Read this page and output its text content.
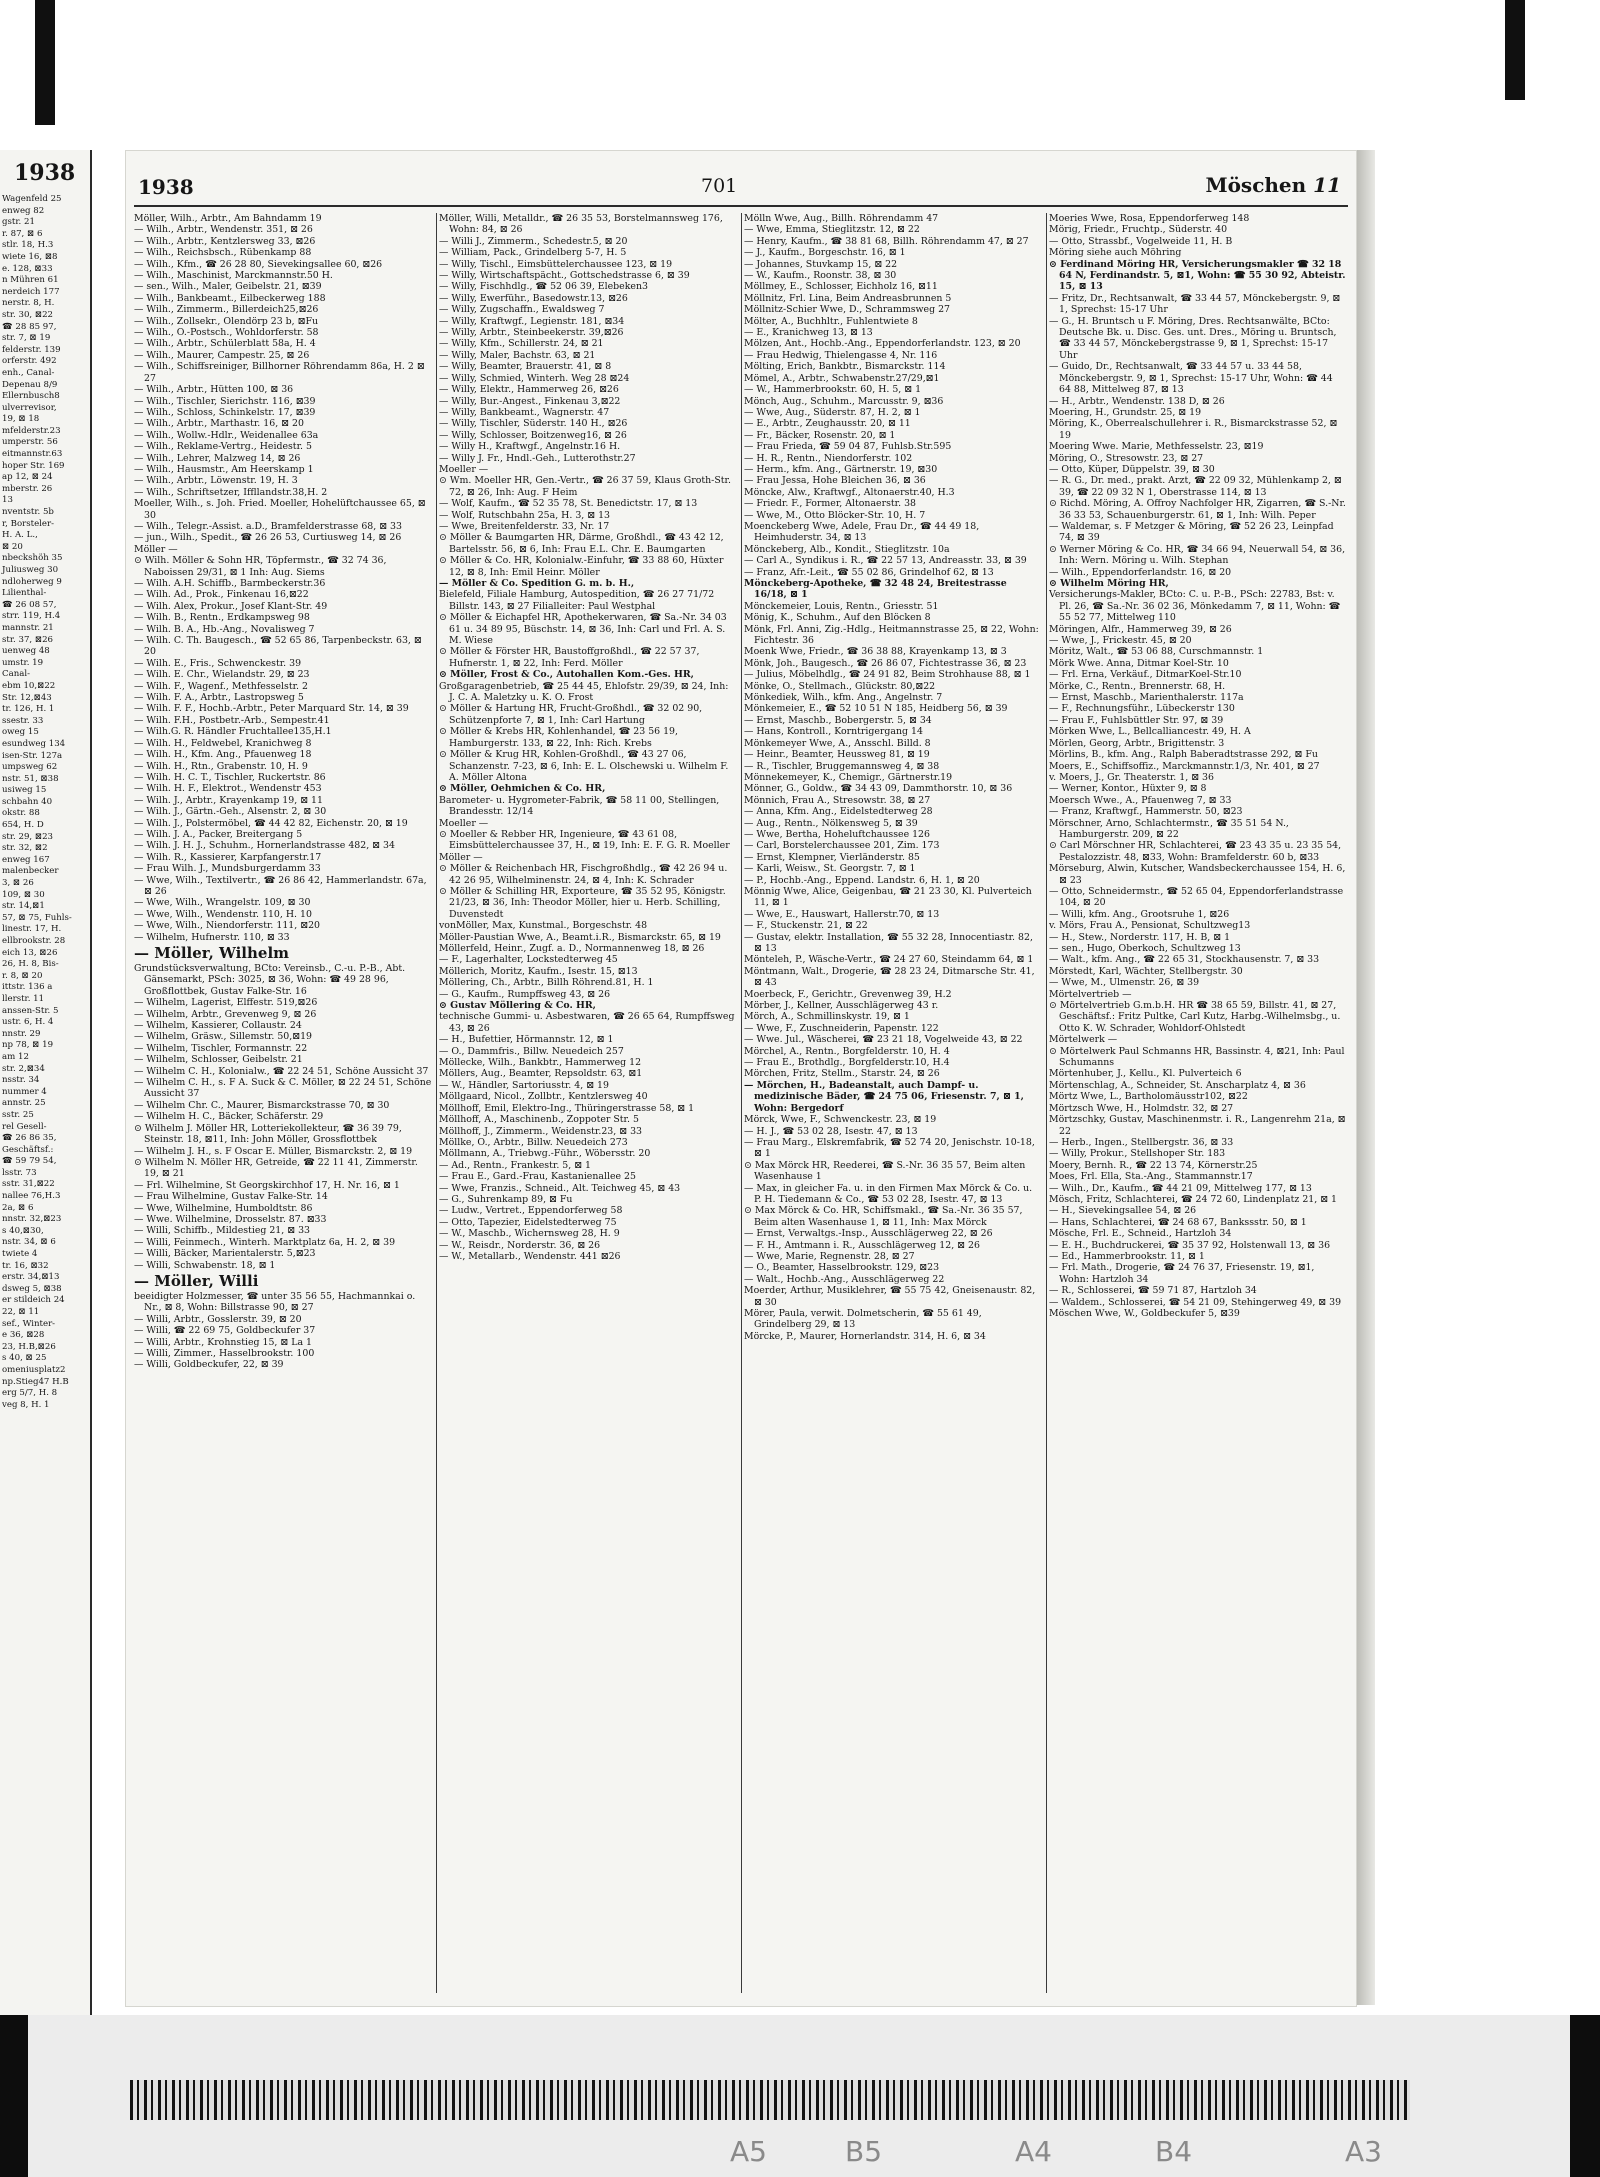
1938
Wagenfeld 25
enweg 82
gstr. 21
r. 87, ⊠ 6
stlr. 18, H.3
wiete 16, ⊠8
e. 128, ⊠33
n Mühren 61
nerdeich 177
nerstr. 8, H.
str. 30, ⊠22
☎ 28 85 97,
str. 7, ⊠ 19
felderstr. 139
orferstr. 492
enh., Canal-
Depenau 8/9
Ellernbusch8
ulverrevisor,
19, ⊠ 18
mfelderstr.23
umperstr. 56
eitmannstr.63
hoper Str. 169
ap 12, ⊠ 24
mberstr. 26
13
nventstr. 5b
r, Borsteler-
H. A. L.,
⊠ 20
nbeckshöh 35
Juliusweg 30
ndloherweg 9
Lilienthal-
☎ 26 08 57,
strr. 119, H.4
mannstr. 21
str. 37, ⊠26
uenweg 48
umstr. 19
Canal-
ebm 10,⊠22
Str. 12,⊠43
tr. 126, H. 1
ssestr. 33
oweg 15
esundweg 134
isen-Str. 127a
umpsweg 62
nstr. 51, ⊠38
usiweg 15
schbahn 40
okstr. 88
654, H. D
str. 29, ⊠23
str. 32, ⊠2
enweg 167
malenbecker
3, ⊠ 26
109, ⊠ 30
str. 14,⊠1
57, ⊠ 75, Fuhls-
linestr. 17, H.
ellbrookstr. 28
eich 13, ⊠26
26, H. 8, Bis-
r. 8, ⊠ 20
ittstr. 136 a
llerstr. 11
anssen-Str. 5
ustr. 6, H. 4
nnstr. 29
np 78, ⊠ 19
am 12
str. 2,⊠34
nsstr. 34
nummer 4
annstr. 25
sstr. 25
rel Gesell-
☎ 26 86 35,
Geschäftsf.:
☎ 59 79 54,
lsstr. 73
sstr. 31,⊠22
nallee 76,H.3
2a, ⊠ 6
nnstr. 32,⊠23
s 40,⊠30,
nstr. 34, ⊠ 6
twiete 4
tr. 16, ⊠32
erstr. 34,⊠13
dsweg 5, ⊠38
er stildeich 24
22, ⊠ 11
sef., Winter-
e 36, ⊠28
23, H.B,⊠26
s 40, ⊠ 25
omeniusplatz2
np.Stieg47 H.B
erg 5/7, H. 8
veg 8, H. 1
1938	701	Möschen 11
Möller, Wilh., Arbtr., Am Bahndamm 19
— Wilh., Arbtr., Wendenstr. 351, ⊠ 26
— Wilh., Arbtr., Kentzlersweg 33, ⊠26
— Wilh., Reichsbsch., Rübenkamp 88
— Wilh., Kfm., ☎ 26 28 80, Sievekingsallee 60, ⊠26
— Wilh., Maschinist, Marckmannstr.50 H.
— sen., Wilh., Maler, Geibelstr. 21, ⊠39
— Wilh., Bankbeamt., Eilbeckerweg 188
— Wilh., Zimmerm., Billerdeich25,⊠26
— Wilh., Zollsekr., Olendörp 23 b, ⊠Fu
— Wilh., O.-Postsch., Wohldorferstr. 58
— Wilh., Arbtr., Schülerblatt 58a, H. 4
— Wilh., Maurer, Campestr. 25, ⊠ 26
— Wilh., Schiffsreiniger, Billhorner Röhrendamm 86a, H. 2 ⊠ 27
— Wilh., Arbtr., Hütten 100, ⊠ 36
— Wilh., Tischler, Sierichstr. 116, ⊠39
— Wilh., Schloss, Schinkelstr. 17, ⊠39
— Wilh., Arbtr., Marthastr. 16, ⊠ 20
— Wilh., Wollw.-Hdlr., Weidenallee 63a
— Wilh., Reklame-Vertrg., Heidestr. 5
— Wilh., Lehrer, Malzweg 14, ⊠ 26
— Wilh., Hausmstr., Am Heerskamp 1
— Wilh., Arbtr., Löwenstr. 19, H. 3
— Wilh., Schriftsetzer, Iffllandstr.38,H. 2
Moeller, Wilh., s. Joh. Fried. Moeller, Hohelüftchaussee 65, ⊠ 30
— Wilh., Telegr.-Assist. a.D., Bramfelderstrasse 68, ⊠ 33
— jun., Wilh., Spedit., ☎ 26 26 53, Curtiusweg 14, ⊠ 26
Möller —
⊙ Wilh. Möller & Sohn HR, Töpfermstr., ☎ 32 74 36, Naboissen 29/31, ⊠ 1 Inh: Aug. Siems
— Wilh. A.H. Schiffb., Barmbeckerstr.36
— Wilh. Ad., Prok., Finkenau 16,⊠22
— Wilh. Alex, Prokur., Josef Klant-Str. 49
— Wilh. B., Rentn., Erdkampsweg 98
— Wilh. B. A., Hb.-Ang., Novalisweg 7
— Wilh. C. Th. Baugesch., ☎ 52 65 86, Tarpenbeckstr. 63, ⊠ 20
— Wilh. E., Fris., Schwenckestr. 39
— Wilh. E. Chr., Wielandstr. 29, ⊠ 23
— Wilh. F., Wagenf., Methfesselstr. 2
— Wilh. F. A., Arbtr., Lastropsweg 5
— Wilh. F. F., Hochb.-Arbtr., Peter Marquard Str. 14, ⊠ 39
— Wilh. F.H., Postbetr.-Arb., Sempestr.41
— Wilh.G. R. Händler Fruchtallee135,H.1
— Wilh. H., Feldwebel, Kranichweg 8
— Wilh. H., Kfm. Ang., Pfauenweg 18
— Wilh. H., Rtn., Grabenstr. 10, H. 9
— Wilh. H. C. T., Tischler, Ruckertstr. 86
— Wilh. H. F., Elektrot., Wendenstr 453
— Wilh. J., Arbtr., Krayenkamp 19, ⊠ 11
— Wilh. J., Gärtn.-Geh., Alsenstr. 2, ⊠ 30
— Wilh. J., Polstermöbel, ☎ 44 42 82, Eichenstr. 20, ⊠ 19
— Wilh. J. A., Packer, Breitergang 5
— Wilh. J. H. J., Schuhm., Hornerlandstrasse 482, ⊠ 34
— Wilh. R., Kassierer, Karpfangerstr.17
— Frau Wilh. J., Mundsburgerdamm 33
— Wwe, Wilh., Textilvertr., ☎ 26 86 42, Hammerlandstr. 67a, ⊠ 26
— Wwe, Wilh., Wrangelstr. 109, ⊠ 30
— Wwe, Wilh., Wendenstr. 110, H. 10
— Wwe, Wilh., Niendorferstr. 111, ⊠20
— Wilhelm, Hufnerstr. 110, ⊠ 33
— Möller, Wilhelm
Grundstücksverwaltung, BCto: Vereinsb., C.-u. P.-B., Abt. Gänsemarkt, PSch: 3025, ⊠ 36, Wohn: ☎ 49 28 96, Großflottbek, Gustav Falke-Str. 16
— Wilhelm, Lagerist, Elffestr. 519,⊠26
— Wilhelm, Arbtr., Grevenweg 9, ⊠ 26
— Wilhelm, Kassierer, Collaustr. 24
— Wilhelm, Gräsw., Sillemstr. 50,⊠19
— Wilhelm, Tischler, Formannstr. 22
— Wilhelm, Schlosser, Geibelstr. 21
— Wilhelm C. H., Kolonialw., ☎ 22 24 51, Schöne Aussicht 37
— Wilhelm C. H., s. F A. Suck & C. Möller, ⊠ 22 24 51, Schöne Aussicht 37
— Wilhelm Chr. C., Maurer, Bismarckstrasse 70, ⊠ 30
— Wilhelm H. C., Bäcker, Schäferstr. 29
⊙ Wilhelm J. Möller HR, Lotteriekollekteur, ☎ 36 39 79, Steinstr. 18, ⊠11, Inh: John Möller, Grossflottbek
— Wilhelm J. H., s. F Oscar E. Müller, Bismarckstr. 2, ⊠ 19
⊙ Wilhelm N. Möller HR, Getreide, ☎ 22 11 41, Zimmerstr. 19, ⊠ 21
— Frl. Wilhelmine, St Georgskirchhof 17, H. Nr. 16, ⊠ 1
— Frau Wilhelmine, Gustav Falke-Str. 14
— Wwe, Wilhelmine, Humboldtstr. 86
— Wwe. Wilhelmine, Drosselstr. 87. ⊠33
— Willi, Schiffb., Mildestieg 21, ⊠ 33
— Willi, Feinmech., Winterh. Marktplatz 6a, H. 2, ⊠ 39
— Willi, Bäcker, Marientalerstr. 5,⊠23
— Willi, Schwabenstr. 18, ⊠ 1
— Möller, Willi
beeidigter Holzmesser, ☎ unter 35 56 55, Hachmannkai o. Nr., ⊠ 8, Wohn: Billstrasse 90, ⊠ 27
— Willi, Arbtr., Gosslerstr. 39, ⊠ 20
— Willi, ☎ 22 69 75, Goldbeckufer 37
— Willi, Arbtr., Krohnstieg 15, ⊠ La 1
— Willi, Zimmer., Hasselbrookstr. 100
— Willi, Goldbeckufer, 22, ⊠ 39
Möller, Willi, Metalldr., ☎ 26 35 53, Borstelmannsweg 176, Wohn: 84, ⊠ 26
— Willi J., Zimmerm., Schedestr.5, ⊠ 20
— William, Pack., Grindelberg 5-7, H. 5
— Willy, Tischl., Eimsbüttelerchaussee 123, ⊠ 19
— Willy, Wirtschaftspächt., Gottschedstrasse 6, ⊠ 39
— Willy, Fischhdlg., ☎ 52 06 39, Elebeken3
— Willy, Ewerführ., Basedowstr.13, ⊠26
— Willy, Zugschaffn., Ewaldsweg 7
— Willy, Kraftwgf., Legienstr. 181, ⊠34
— Willy, Arbtr., Steinbeekerstr. 39,⊠26
— Willy, Kfm., Schillerstr. 24, ⊠ 21
— Willy, Maler, Bachstr. 63, ⊠ 21
— Willy, Beamter, Brauerstr. 41, ⊠ 8
— Willy, Schmied, Winterh. Weg 28 ⊠24
— Willy, Elektr., Hammerweg 26, ⊠26
— Willy, Bur.-Angest., Finkenau 3,⊠22
— Willy, Bankbeamt., Wagnerstr. 47
— Willy, Tischler, Süderstr. 140 H., ⊠26
— Willy, Schlosser, Boitzenweg16, ⊠ 26
— Willy H., Kraftwgf., Angelnstr.16 H.
— Willy J. Fr., Hndl.-Geh., Lutterothstr.27
Moeller —
⊙ Wm. Moeller HR, Gen.-Vertr., ☎ 26 37 59, Klaus Groth-Str. 72, ⊠ 26, Inh: Aug. F Heim
— Wolf, Kaufm., ☎ 52 35 78, St. Benedictstr. 17, ⊠ 13
— Wolf, Rutschbahn 25a, H. 3, ⊠ 13
— Wwe, Breitenfelderstr. 33, Nr. 17
⊙ Möller & Baumgarten HR, Därme, Großhdl., ☎ 43 42 12, Bartelsstr. 56, ⊠ 6, Inh: Frau E.L. Chr. E. Baumgarten
⊙ Möller & Co. HR, Kolonialw.-Einfuhr, ☎ 33 88 60, Hüxter 12, ⊠ 8, Inh: Emil Heinr. Möller
— Möller & Co. Spedition G. m. b. H.,
Bielefeld, Filiale Hamburg, Autospedition, ☎ 26 27 71/72 Billstr. 143, ⊠ 27 Filialleiter: Paul Westphal
⊙ Möller & Eichapfel HR, Apothekerwaren, ☎ Sa.-Nr. 34 03 61 u. 34 89 95, Büschstr. 14, ⊠ 36, Inh: Carl und Frl. A. S. M. Wiese
⊙ Möller & Förster HR, Baustoffgroßhdl., ☎ 22 57 37, Hufnerstr. 1, ⊠ 22, Inh: Ferd. Möller
⊙ Möller, Frost & Co., Autohallen Kom.-Ges. HR,
Großgaragenbetrieb, ☎ 25 44 45, Ehlofstr. 29/39, ⊠ 24, Inh: J. C. A. Maletzky u. K. O. Frost
⊙ Möller & Hartung HR, Frucht-Großhdl., ☎ 32 02 90, Schützenpforte 7, ⊠ 1, Inh: Carl Hartung
⊙ Möller & Krebs HR, Kohlenhandel, ☎ 23 56 19, Hamburgerstr. 133, ⊠ 22, Inh: Rich. Krebs
⊙ Möller & Krug HR, Kohlen-Großhdl., ☎ 43 27 06, Schanzenstr. 7-23, ⊠ 6, Inh: E. L. Olschewski u. Wilhelm F. A. Möller Altona
⊙ Möller, Oehmichen & Co. HR,
Barometer- u. Hygrometer-Fabrik, ☎ 58 11 00, Stellingen, Brandesstr. 12/14
Moeller —
⊙ Moeller & Rebber HR, Ingenieure, ☎ 43 61 08, Eimsbüttelerchaussee 37, H., ⊠ 19, Inh: E. F. G. R. Moeller
Möller —
⊙ Möller & Reichenbach HR, Fischgroßhdlg., ☎ 42 26 94 u. 42 26 95, Wilhelminenstr. 24, ⊠ 4, Inh: K. Schrader
⊙ Möller & Schilling HR, Exporteure, ☎ 35 52 95, Königstr. 21/23, ⊠ 36, Inh: Theodor Möller, hier u. Herb. Schilling, Duvenstedt
vonMöller, Max, Kunstmal., Borgeschstr. 48
Möller-Paustian Wwe, A., Beamt.i.R., Bismarckstr. 65, ⊠ 19
Möllerfeld, Heinr., Zugf. a. D., Normannenweg 18, ⊠ 26
— F., Lagerhalter, Lockstedterweg 45
Möllerich, Moritz, Kaufm., Isestr. 15, ⊠13
Möllering, Ch., Arbtr., Billh Röhrend.81, H. 1
— G., Kaufm., Rumpffsweg 43, ⊠ 26
⊙ Gustav Möllering & Co. HR,
technische Gummi- u. Asbestwaren, ☎ 26 65 64, Rumpffsweg 43, ⊠ 26
— H., Bufettier, Hörmannstr. 12, ⊠ 1
— O., Dammfris., Billw. Neuedeich 257
Möllecke, Wilh., Bankbtr., Hammerweg 12
Möllers, Aug., Beamter, Repsoldstr. 63, ⊠1
— W., Händler, Sartoriusstr. 4, ⊠ 19
Möllgaard, Nicol., Zollbtr., Kentzlersweg 40
Möllhoff, Emil, Elektro-Ing., Thüringerstrasse 58, ⊠ 1
Möllhoff, A., Maschinenb., Zoppoter Str. 5
Möllhoff, J., Zimmerm., Weidenstr.23, ⊠ 33
Möllke, O., Arbtr., Billw. Neuedeich 273
Möllmann, A., Triebwg.-Führ., Wöbersstr. 20
— Ad., Rentn., Frankestr. 5, ⊠ 1
— Frau E., Gard.-Frau, Kastanienallee 25
— Wwe, Franzis., Schneid., Alt. Teichweg 45, ⊠ 43
— G., Suhrenkamp 89, ⊠ Fu
— Ludw., Vertret., Eppendorferweg 58
— Otto, Tapezier, Eidelstedterweg 75
— W., Maschb., Wichernsweg 28, H. 9
— W., Reisdr., Norderstr. 36, ⊠ 26
— W., Metallarb., Wendenstr. 441 ⊠26
Mölln Wwe, Aug., Billh. Röhrendamm 47
— Wwe, Emma, Stieglitzstr. 12, ⊠ 22
— Henry, Kaufm., ☎ 38 81 68, Billh. Röhrendamm 47, ⊠ 27
— J., Kaufm., Borgeschstr. 16, ⊠ 1
— Johannes, Stuvkamp 15, ⊠ 22
— W., Kaufm., Roonstr. 38, ⊠ 30
Möllmey, E., Schlosser, Eichholz 16, ⊠11
Möllnitz, Frl. Lina, Beim Andreasbrunnen 5
Möllnitz-Schier Wwe, D., Schrammsweg 27
Mölter, A., Buchhltr., Fuhlentwiete 8
— E., Kranichweg 13, ⊠ 13
Mölzen, Ant., Hochb.-Ang., Eppendorferlandstr. 123, ⊠ 20
— Frau Hedwig, Thielengasse 4, Nr. 116
Mölting, Erich, Bankbtr., Bismarckstr. 114
Mömel, A., Arbtr., Schwabenstr.27/29,⊠1
— W., Hammerbrookstr. 60, H. 5, ⊠ 1
Mönch, Aug., Schuhm., Marcusstr. 9, ⊠36
— Wwe, Aug., Süderstr. 87, H. 2, ⊠ 1
— E., Arbtr., Zeughausstr. 20, ⊠ 11
— Fr., Bäcker, Rosenstr. 20, ⊠ 1
— Frau Frieda, ☎ 59 04 87, Fuhlsb.Str.595
— H. R., Rentn., Niendorferstr. 102
— Herm., kfm. Ang., Gärtnerstr. 19, ⊠30
— Frau Jessa, Hohe Bleichen 36, ⊠ 36
Möncke, Alw., Kraftwgf., Altonaerstr.40, H.3
— Friedr. F., Former, Altonaerstr. 38
— Wwe, M., Otto Blöcker-Str. 10, H. 7
Moenckeberg Wwe, Adele, Frau Dr., ☎ 44 49 18, Heimhuderstr. 34, ⊠ 13
Mönckeberg, Alb., Kondit., Stieglitzstr. 10a
— Carl A., Syndikus i. R., ☎ 22 57 13, Andreasstr. 33, ⊠ 39
— Franz, Afr.-Leit., ☎ 55 02 86, Grindelhof 62, ⊠ 13
Mönckeberg-Apotheke, ☎ 32 48 24, Breitestrasse 16/18, ⊠ 1
Mönckemeier, Louis, Rentn., Griesstr. 51
Mönig, K., Schuhm., Auf den Blöcken 8
Mönk, Frl. Anni, Zig.-Hdlg., Heitmannstrasse 25, ⊠ 22, Wohn: Fichtestr. 36
Moenk Wwe, Friedr., ☎ 36 38 88, Krayenkamp 13, ⊠ 3
Mönk, Joh., Baugesch., ☎ 26 86 07, Fichtestrasse 36, ⊠ 23
— Julius, Möbelhdlg., ☎ 24 91 82, Beim Strohhause 88, ⊠ 1
Mönke, O., Stellmach., Glückstr. 80,⊠22
Mönkediek, Wilh., kfm. Ang., Angelnstr. 7
Mönkemeier, E., ☎ 52 10 51 N 185, Heidberg 56, ⊠ 39
— Ernst, Maschb., Bobergerstr. 5, ⊠ 34
— Hans, Kontroll., Korntrigergang 14
Mönkemeyer Wwe, A., Ansschl. Billd. 8
— Heinr., Beamter, Heussweg 81, ⊠ 19
— R., Tischler, Bruggemannsweg 4, ⊠ 38
Mönnekemeyer, K., Chemigr., Gärtnerstr.19
Mönner, G., Goldw., ☎ 34 43 09, Dammthorstr. 10, ⊠ 36
Mönnich, Frau A., Stresowstr. 38, ⊠ 27
— Anna, Kfm. Ang., Eidelstedterweg 28
— Aug., Rentn., Nölkensweg 5, ⊠ 39
— Wwe, Bertha, Hoheluftchaussee 126
— Carl, Borstelerchaussee 201, Zim. 173
— Ernst, Klempner, Vierländerstr. 85
— Karli, Weisw., St. Georgstr. 7, ⊠ 1
— P., Hochb.-Ang., Eppend. Landstr. 6, H. 1, ⊠ 20
Mönnig Wwe, Alice, Geigenbau, ☎ 21 23 30, Kl. Pulverteich 11, ⊠ 1
— Wwe, E., Hauswart, Hallerstr.70, ⊠ 13
— F., Stuckenstr. 21, ⊠ 22
— Gustav, elektr. Installation, ☎ 55 32 28, Innocentiastr. 82, ⊠ 13
Mönteleh, P., Wäsche-Vertr., ☎ 24 27 60, Steindamm 64, ⊠ 1
Möntmann, Walt., Drogerie, ☎ 28 23 24, Ditmarsche Str. 41, ⊠ 43
Moerbeck, F., Gerichtr., Grevenweg 39, H.2
Mörber, J., Kellner, Ausschlägerweg 43 r.
Mörch, A., Schmillinskystr. 19, ⊠ 1
— Wwe, F., Zuschneiderin, Papenstr. 122
— Wwe. Jul., Wäscherei, ☎ 23 21 18, Vogelweide 43, ⊠ 22
Mörchel, A., Rentn., Borgfelderstr. 10, H. 4
— Frau E., Brothdlg., Borgfelderstr.10, H.4
Mörchen, Fritz, Stellm., Starstr. 24, ⊠ 26
— Mörchen, H., Badeanstalt, auch Dampf- u. medizinische Bäder, ☎ 24 75 06, Friesenstr. 7, ⊠ 1, Wohn: Bergedorf
Mörck, Wwe, F., Schwenckestr. 23, ⊠ 19
— H. J., ☎ 53 02 28, Isestr. 47, ⊠ 13
— Frau Marg., Elskremfabrik, ☎ 52 74 20, Jenischstr. 10-18, ⊠ 1
⊙ Max Mörck HR, Reederei, ☎ S.-Nr. 36 35 57, Beim alten Wasenhause 1
— Max, in gleicher Fa. u. in den Firmen Max Mörck & Co. u. P. H. Tiedemann & Co., ☎ 53 02 28, Isestr. 47, ⊠ 13
⊙ Max Mörck & Co. HR, Schiffsmakl., ☎ Sa.-Nr. 36 35 57, Beim alten Wasenhause 1, ⊠ 11, Inh: Max Mörck
— Ernst, Verwaltgs.-Insp., Ausschlägerweg 22, ⊠ 26
— F. H., Amtmann i. R., Ausschlägerweg 12, ⊠ 26
— Wwe, Marie, Regnenstr. 28, ⊠ 27
— O., Beamter, Hasselbrookstr. 129, ⊠23
— Walt., Hochb.-Ang., Ausschlägerweg 22
Moerder, Arthur, Musiklehrer, ☎ 55 75 42, Gneisenaustr. 82, ⊠ 30
Mörer, Paula, verwit. Dolmetscherin, ☎ 55 61 49, Grindelberg 29, ⊠ 13
Mörcke, P., Maurer, Hornerlandstr. 314, H. 6, ⊠ 34
Moeries Wwe, Rosa, Eppendorferweg 148
Mörig, Friedr., Fruchtp., Süderstr. 40
— Otto, Strassbf., Vogelweide 11, H. B
Möring siehe auch Möhring
⊙ Ferdinand Möring HR, Versicherungsmakler ☎ 32 18 64 N, Ferdinandstr. 5, ⊠1, Wohn: ☎ 55 30 92, Abteistr. 15, ⊠ 13
— Fritz, Dr., Rechtsanwalt, ☎ 33 44 57, Mönckebergstr. 9, ⊠ 1, Sprechst: 15-17 Uhr
— G., H. Bruntsch u F. Möring, Dres. Rechtsanwälte, BCto: Deutsche Bk. u. Disc. Ges. unt. Dres., Möring u. Bruntsch, ☎ 33 44 57, Mönckebergstrasse 9, ⊠ 1, Sprechst: 15-17 Uhr
— Guido, Dr., Rechtsanwalt, ☎ 33 44 57 u. 33 44 58, Mönckebergstr. 9, ⊠ 1, Sprechst: 15-17 Uhr, Wohn: ☎ 44 64 88, Mittelweg 87, ⊠ 13
— H., Arbtr., Wendenstr. 138 D, ⊠ 26
Moering, H., Grundstr. 25, ⊠ 19
Möring, K., Oberrealschullehrer i. R., Bismarckstrasse 52, ⊠ 19
Moering Wwe. Marie, Methfesselstr. 23, ⊠19
Möring, O., Stresowstr. 23, ⊠ 27
— Otto, Küper, Düppelstr. 39, ⊠ 30
— R. G., Dr. med., prakt. Arzt, ☎ 22 09 32, Mühlenkamp 2, ⊠ 39, ☎ 22 09 32 N 1, Oberstrasse 114, ⊠ 13
⊙ Richd. Möring, A. Offroy Nachfolger HR, Zigarren, ☎ S.-Nr. 36 33 53, Schauenburgerstr. 61, ⊠ 1, Inh: Wilh. Peper
— Waldemar, s. F Metzger & Möring, ☎ 52 26 23, Leinpfad 74, ⊠ 39
⊙ Werner Möring & Co. HR, ☎ 34 66 94, Neuerwall 54, ⊠ 36, Inh: Wern. Möring u. Wilh. Stephan
— Wilh., Eppendorferlandstr. 16, ⊠ 20
⊙ Wilhelm Möring HR,
Versicherungs-Makler, BCto: C. u. P.-B., PSch: 22783, Bst: v. Pl. 26, ☎ Sa.-Nr. 36 02 36, Mönkedamm 7, ⊠ 11, Wohn: ☎ 55 52 77, Mittelweg 110
Möringen, Alfr., Hammerweg 39, ⊠ 26
— Wwe, J., Frickestr. 45, ⊠ 20
Möritz, Walt., ☎ 53 06 88, Curschmannstr. 1
Mörk Wwe. Anna, Ditmar Koel-Str. 10
— Frl. Erna, Verkäuf., DitmarKoel-Str.10
Mörke, C., Rentn., Brennerstr. 68, H.
— Ernst, Maschb., Marienthalerstr. 117a
— F., Rechnungsführ., Lübeckerstr 130
— Frau F., Fuhlsbüttler Str. 97, ⊠ 39
Mörken Wwe, L., Bellcalliancestr. 49, H. A
Mörlen, Georg, Arbtr., Brigittenstr. 3
Mörlins, B., kfm. Ang., Ralph Baberadtstrasse 292, ⊠ Fu
Moers, E., Schiffsoffiz., Marckmannstr.1/3, Nr. 401, ⊠ 27
v. Moers, J., Gr. Theaterstr. 1, ⊠ 36
— Werner, Kontor., Hüxter 9, ⊠ 8
Moersch Wwe., A., Pfauenweg 7, ⊠ 33
— Franz, Kraftwgf., Hammerstr. 50, ⊠23
Mörschner, Arno, Schlachtermstr., ☎ 35 51 54 N., Hamburgerstr. 209, ⊠ 22
⊙ Carl Mörschner HR, Schlachterei, ☎ 23 43 35 u. 23 35 54, Pestalozzistr. 48, ⊠33, Wohn: Bramfelderstr. 60 b, ⊠33
Mörseburg, Alwin, Kutscher, Wandsbeckerchaussee 154, H. 6, ⊠ 23
— Otto, Schneidermstr., ☎ 52 65 04, Eppendorferlandstrasse 104, ⊠ 20
— Willi, kfm. Ang., Grootsruhe 1, ⊠26
v. Mörs, Frau A., Pensionat, Schultzweg13
— H., Stew., Norderstr. 117, H. B, ⊠ 1
— sen., Hugo, Oberkoch, Schultzweg 13
— Walt., kfm. Ang., ☎ 22 65 31, Stockhausenstr. 7, ⊠ 33
Mörstedt, Karl, Wächter, Stellbergstr. 30
— Wwe, M., Ulmenstr. 26, ⊠ 39
Mörtelvertrieb —
⊙ Mörtelvertrieb G.m.b.H. HR ☎ 38 65 59, Billstr. 41, ⊠ 27, Geschäftsf.: Fritz Pultke, Carl Kutz, Harbg.-Wilhelmsbg., u. Otto K. W. Schrader, Wohldorf-Ohlstedt
Mörtelwerk —
⊙ Mörtelwerk Paul Schmanns HR, Bassinstr. 4, ⊠21, Inh: Paul Schumanns
Mörtenhuber, J., Kellu., Kl. Pulverteich 6
Mörtenschlag, A., Schneider, St. Anscharplatz 4, ⊠ 36
Mörtz Wwe, L., Bartholomäusstr102, ⊠22
Mörtzsch Wwe, H., Holmdstr. 32, ⊠ 27
Mörtzschky, Gustav, Maschinenmstr. i. R., Langenrehm 21a, ⊠ 22
— Herb., Ingen., Stellbergstr. 36, ⊠ 33
— Willy, Prokur., Stellshoper Str. 183
Moery, Bernh. R., ☎ 22 13 74, Körnerstr.25
Moes, Frl. Ella, Sta.-Ang., Stammannstr.17
— Wilh., Dr., Kaufm., ☎ 44 21 09, Mittelweg 177, ⊠ 13
Mösch, Fritz, Schlachterei, ☎ 24 72 60, Lindenplatz 21, ⊠ 1
— H., Sievekingsallee 54, ⊠ 26
— Hans, Schlachterei, ☎ 24 68 67, Bankssstr. 50, ⊠ 1
Mösche, Frl. E., Schneid., Hartzloh 34
— E. H., Buchdruckerei, ☎ 35 37 92, Holstenwall 13, ⊠ 36
— Ed., Hammerbrookstr. 11, ⊠ 1
— Frl. Math., Drogerie, ☎ 24 76 37, Friesenstr. 19, ⊠1, Wohn: Hartzloh 34
— R., Schlosserei, ☎ 59 71 87, Hartzloh 34
— Waldem., Schlosserei, ☎ 54 21 09, Stehingerweg 49, ⊠ 39
Möschen Wwe, W., Goldbeckufer 5, ⊠39
A5	B5	A4	B4	A3
